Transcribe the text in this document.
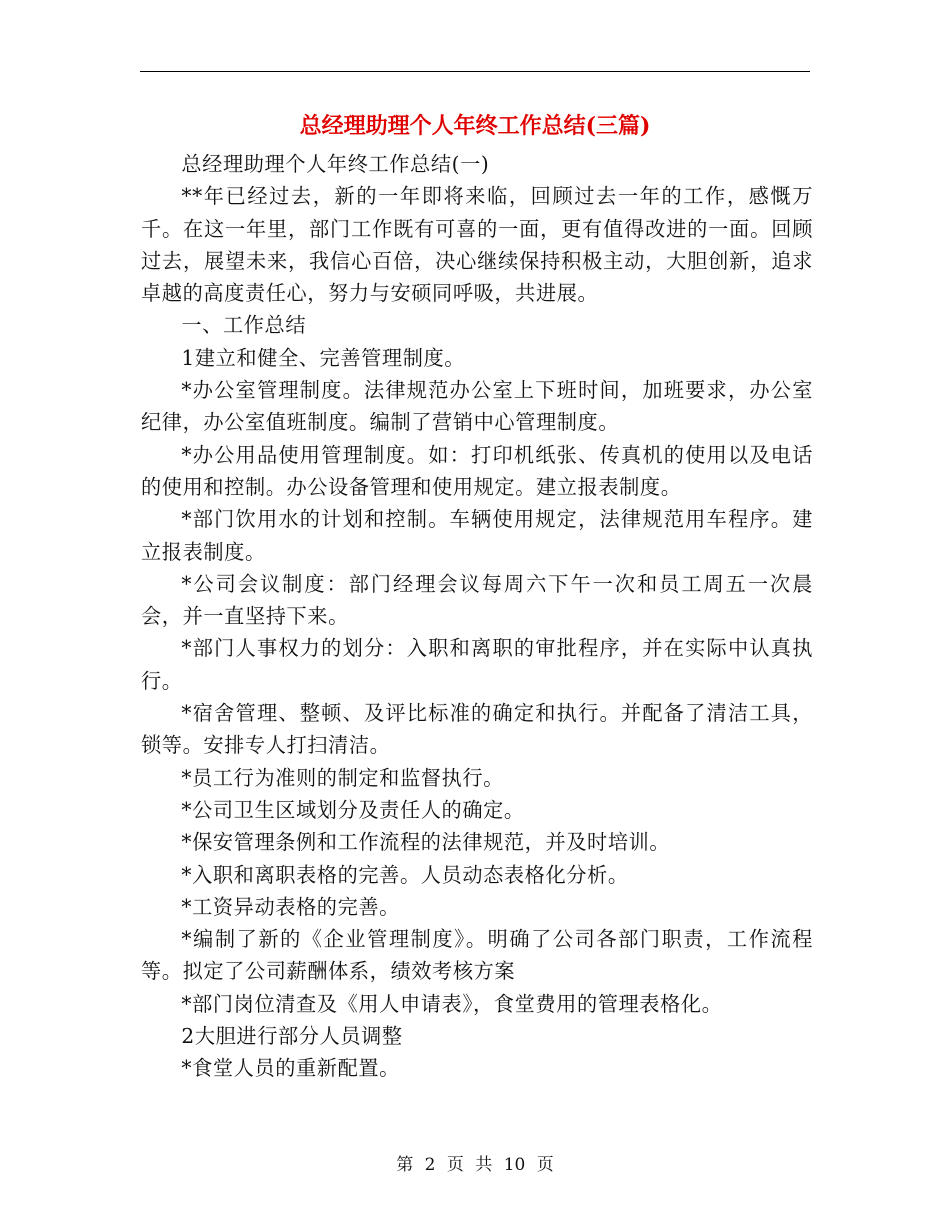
总经理助理个人年终工作总结(三篇)

总经理助理个人年终工作总结(一)

**年已经过去，新的一年即将来临，回顾过去一年的工作，感慨万千。在这一年里，部门工作既有可喜的一面，更有值得改进的一面。回顾过去，展望未来，我信心百倍，决心继续保持积极主动，大胆创新，追求卓越的高度责任心，努力与安硕同呼吸，共进展。

一、工作总结

1建立和健全、完善管理制度。

*办公室管理制度。法律规范办公室上下班时间，加班要求，办公室纪律，办公室值班制度。编制了营销中心管理制度。

*办公用品使用管理制度。如：打印机纸张、传真机的使用以及电话的使用和控制。办公设备管理和使用规定。建立报表制度。

*部门饮用水的计划和控制。车辆使用规定，法律规范用车程序。建立报表制度。

*公司会议制度：部门经理会议每周六下午一次和员工周五一次晨会，并一直坚持下来。

*部门人事权力的划分：入职和离职的审批程序，并在实际中认真执行。

*宿舍管理、整顿、及评比标准的确定和执行。并配备了清洁工具，锁等。安排专人打扫清洁。

*员工行为准则的制定和监督执行。

*公司卫生区域划分及责任人的确定。

*保安管理条例和工作流程的法律规范，并及时培训。

*入职和离职表格的完善。人员动态表格化分析。

*工资异动表格的完善。

*编制了新的《企业管理制度》。明确了公司各部门职责，工作流程等。拟定了公司薪酬体系，绩效考核方案

*部门岗位清查及《用人申请表》，食堂费用的管理表格化。

2大胆进行部分人员调整

*食堂人员的重新配置。

第 2 页 共 10 页
